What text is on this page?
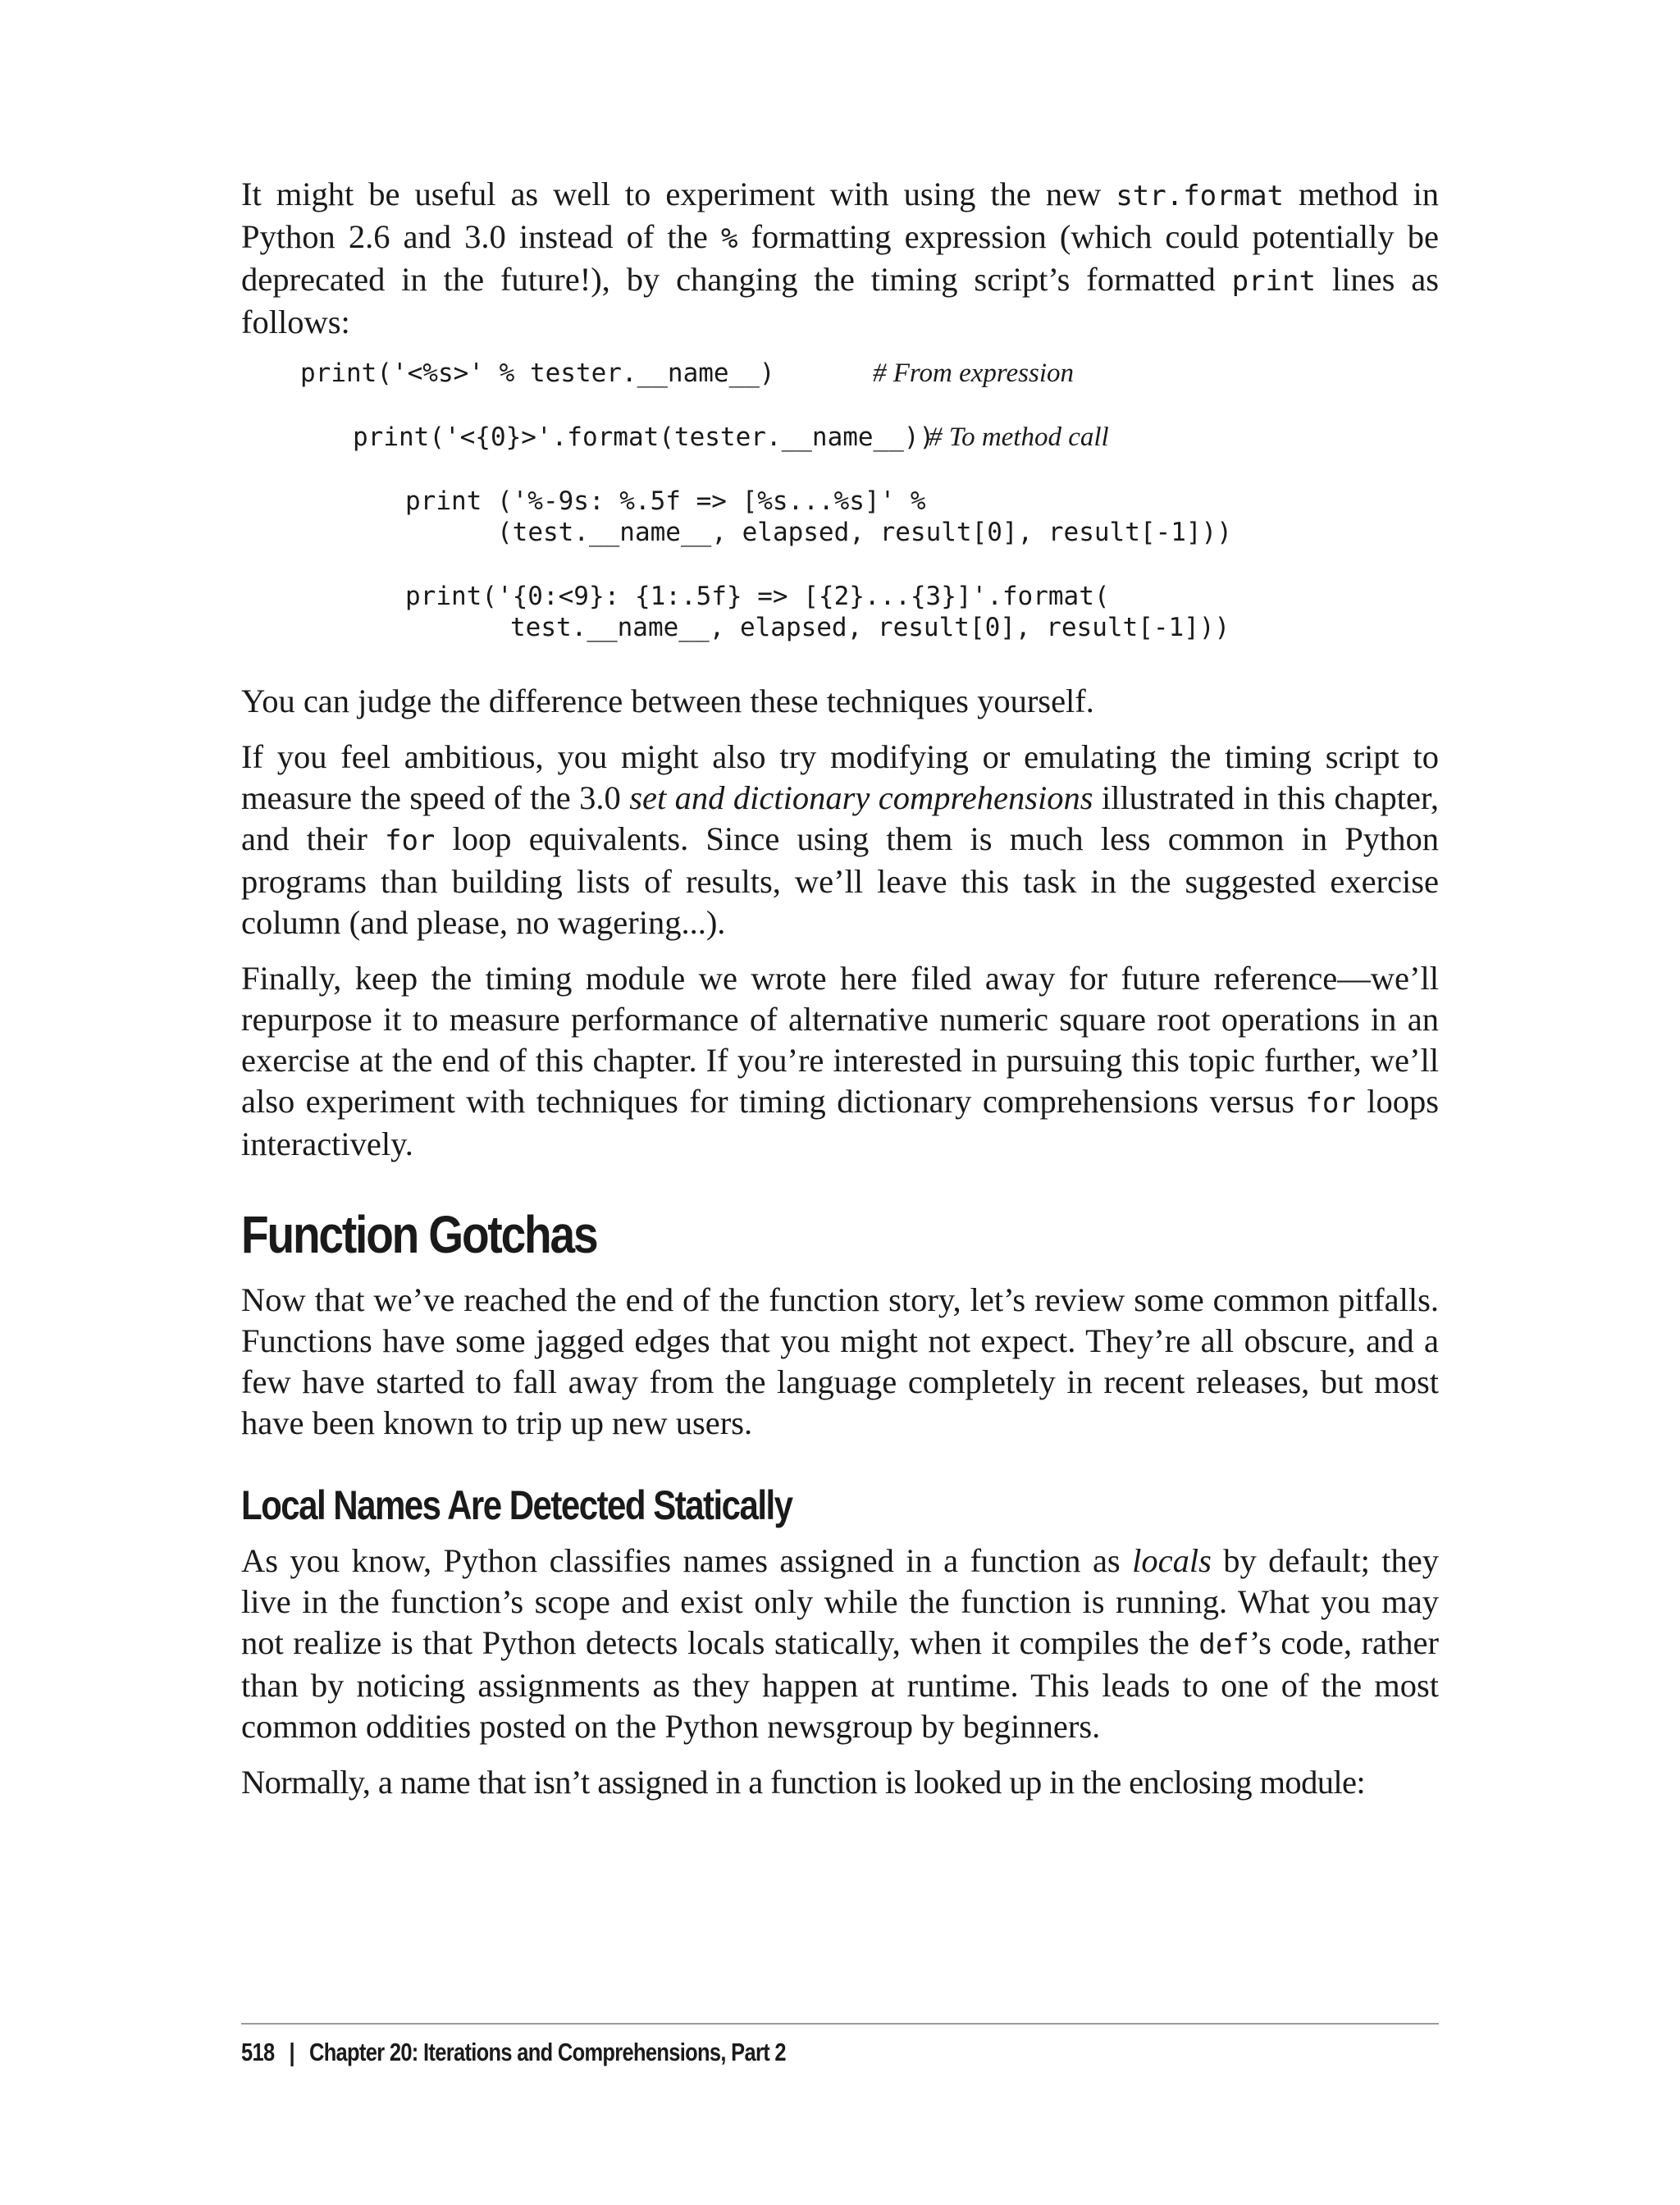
It might be useful as well to experiment with using the new str.format method in Python 2.6 and 3.0 instead of the % formatting expression (which could potentially be deprecated in the future!), by changing the timing script’s formatted print lines as follows:

print('<%s>' % tester.__name__)	# From expression
print('<{0}>'.format(tester.__name__))
# To method call
print ('%-9s: %.5f => [%s...%s]' %
(test.__name__, elapsed, result[0], result[-1]))
print('{0:<9}: {1:.5f} => [{2}...{3}]'.format(
test.__name__, elapsed, result[0], result[-1]))

You can judge the difference between these techniques yourself.

If you feel ambitious, you might also try modifying or emulating the timing script to measure the speed of the 3.0 set and dictionary comprehensions illustrated in this chapter, and their for loop equivalents. Since using them is much less common in Python programs than building lists of results, we’ll leave this task in the suggested exercise column (and please, no wagering...).

Finally, keep the timing module we wrote here filed away for future reference—we’ll repurpose it to measure performance of alternative numeric square root operations in an exercise at the end of this chapter. If you’re interested in pursuing this topic further, we’ll also experiment with techniques for timing dictionary comprehensions versus for loops interactively.

Function Gotchas

Now that we’ve reached the end of the function story, let’s review some common pitfalls. Functions have some jagged edges that you might not expect. They’re all obscure, and a few have started to fall away from the language completely in recent releases, but most have been known to trip up new users.

Local Names Are Detected Statically

As you know, Python classifies names assigned in a function as locals by default; they live in the function’s scope and exist only while the function is running. What you may not realize is that Python detects locals statically, when it compiles the def’s code, rather than by noticing assignments as they happen at runtime. This leads to one of the most common oddities posted on the Python newsgroup by beginners.

Normally, a name that isn’t assigned in a function is looked up in the enclosing module:

518 | Chapter 20: Iterations and Comprehensions, Part 2
